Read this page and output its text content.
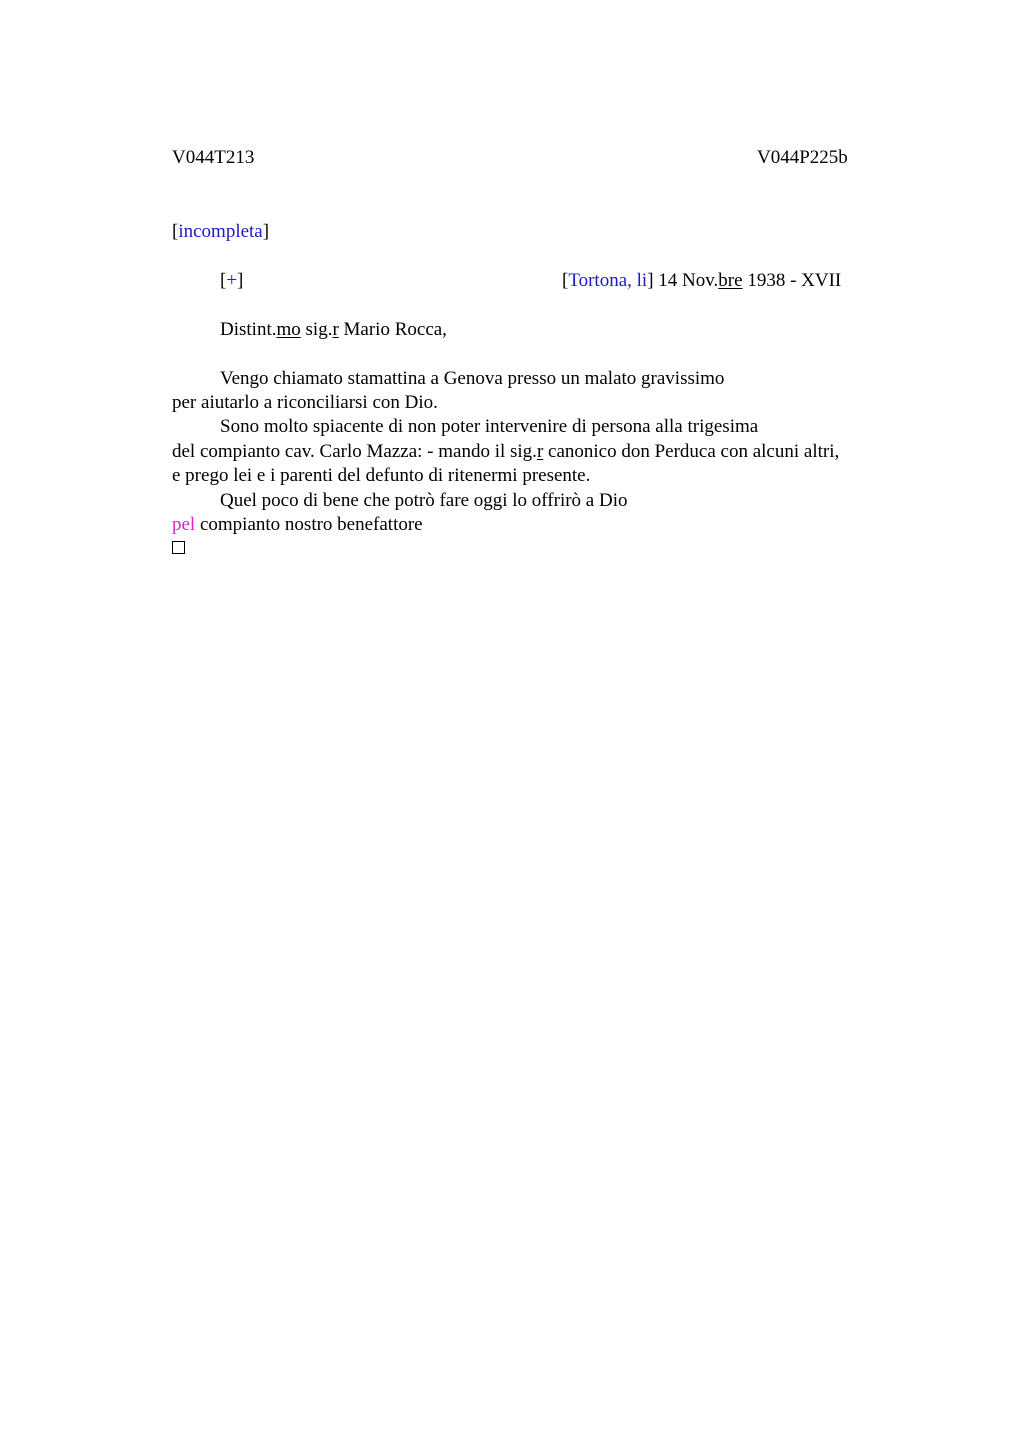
V044T213	V044P225b
[incompleta]
[+]	[Tortona, li] 14 Nov.bre 1938 - XVII
Distint.mo sig.r Mario Rocca,
Vengo chiamato stamattina a Genova presso un malato gravissimo
per aiutarlo a riconciliarsi con Dio.
Sono molto spiacente di non poter intervenire di persona alla trigesima
del compianto cav. Carlo Mazza: - mando il sig.r canonico don Perduca con alcuni altri,
e prego lei e i parenti del defunto di ritenermi presente.
Quel poco di bene che potrò fare oggi lo offrirò a Dio
pel compianto nostro benefattore
